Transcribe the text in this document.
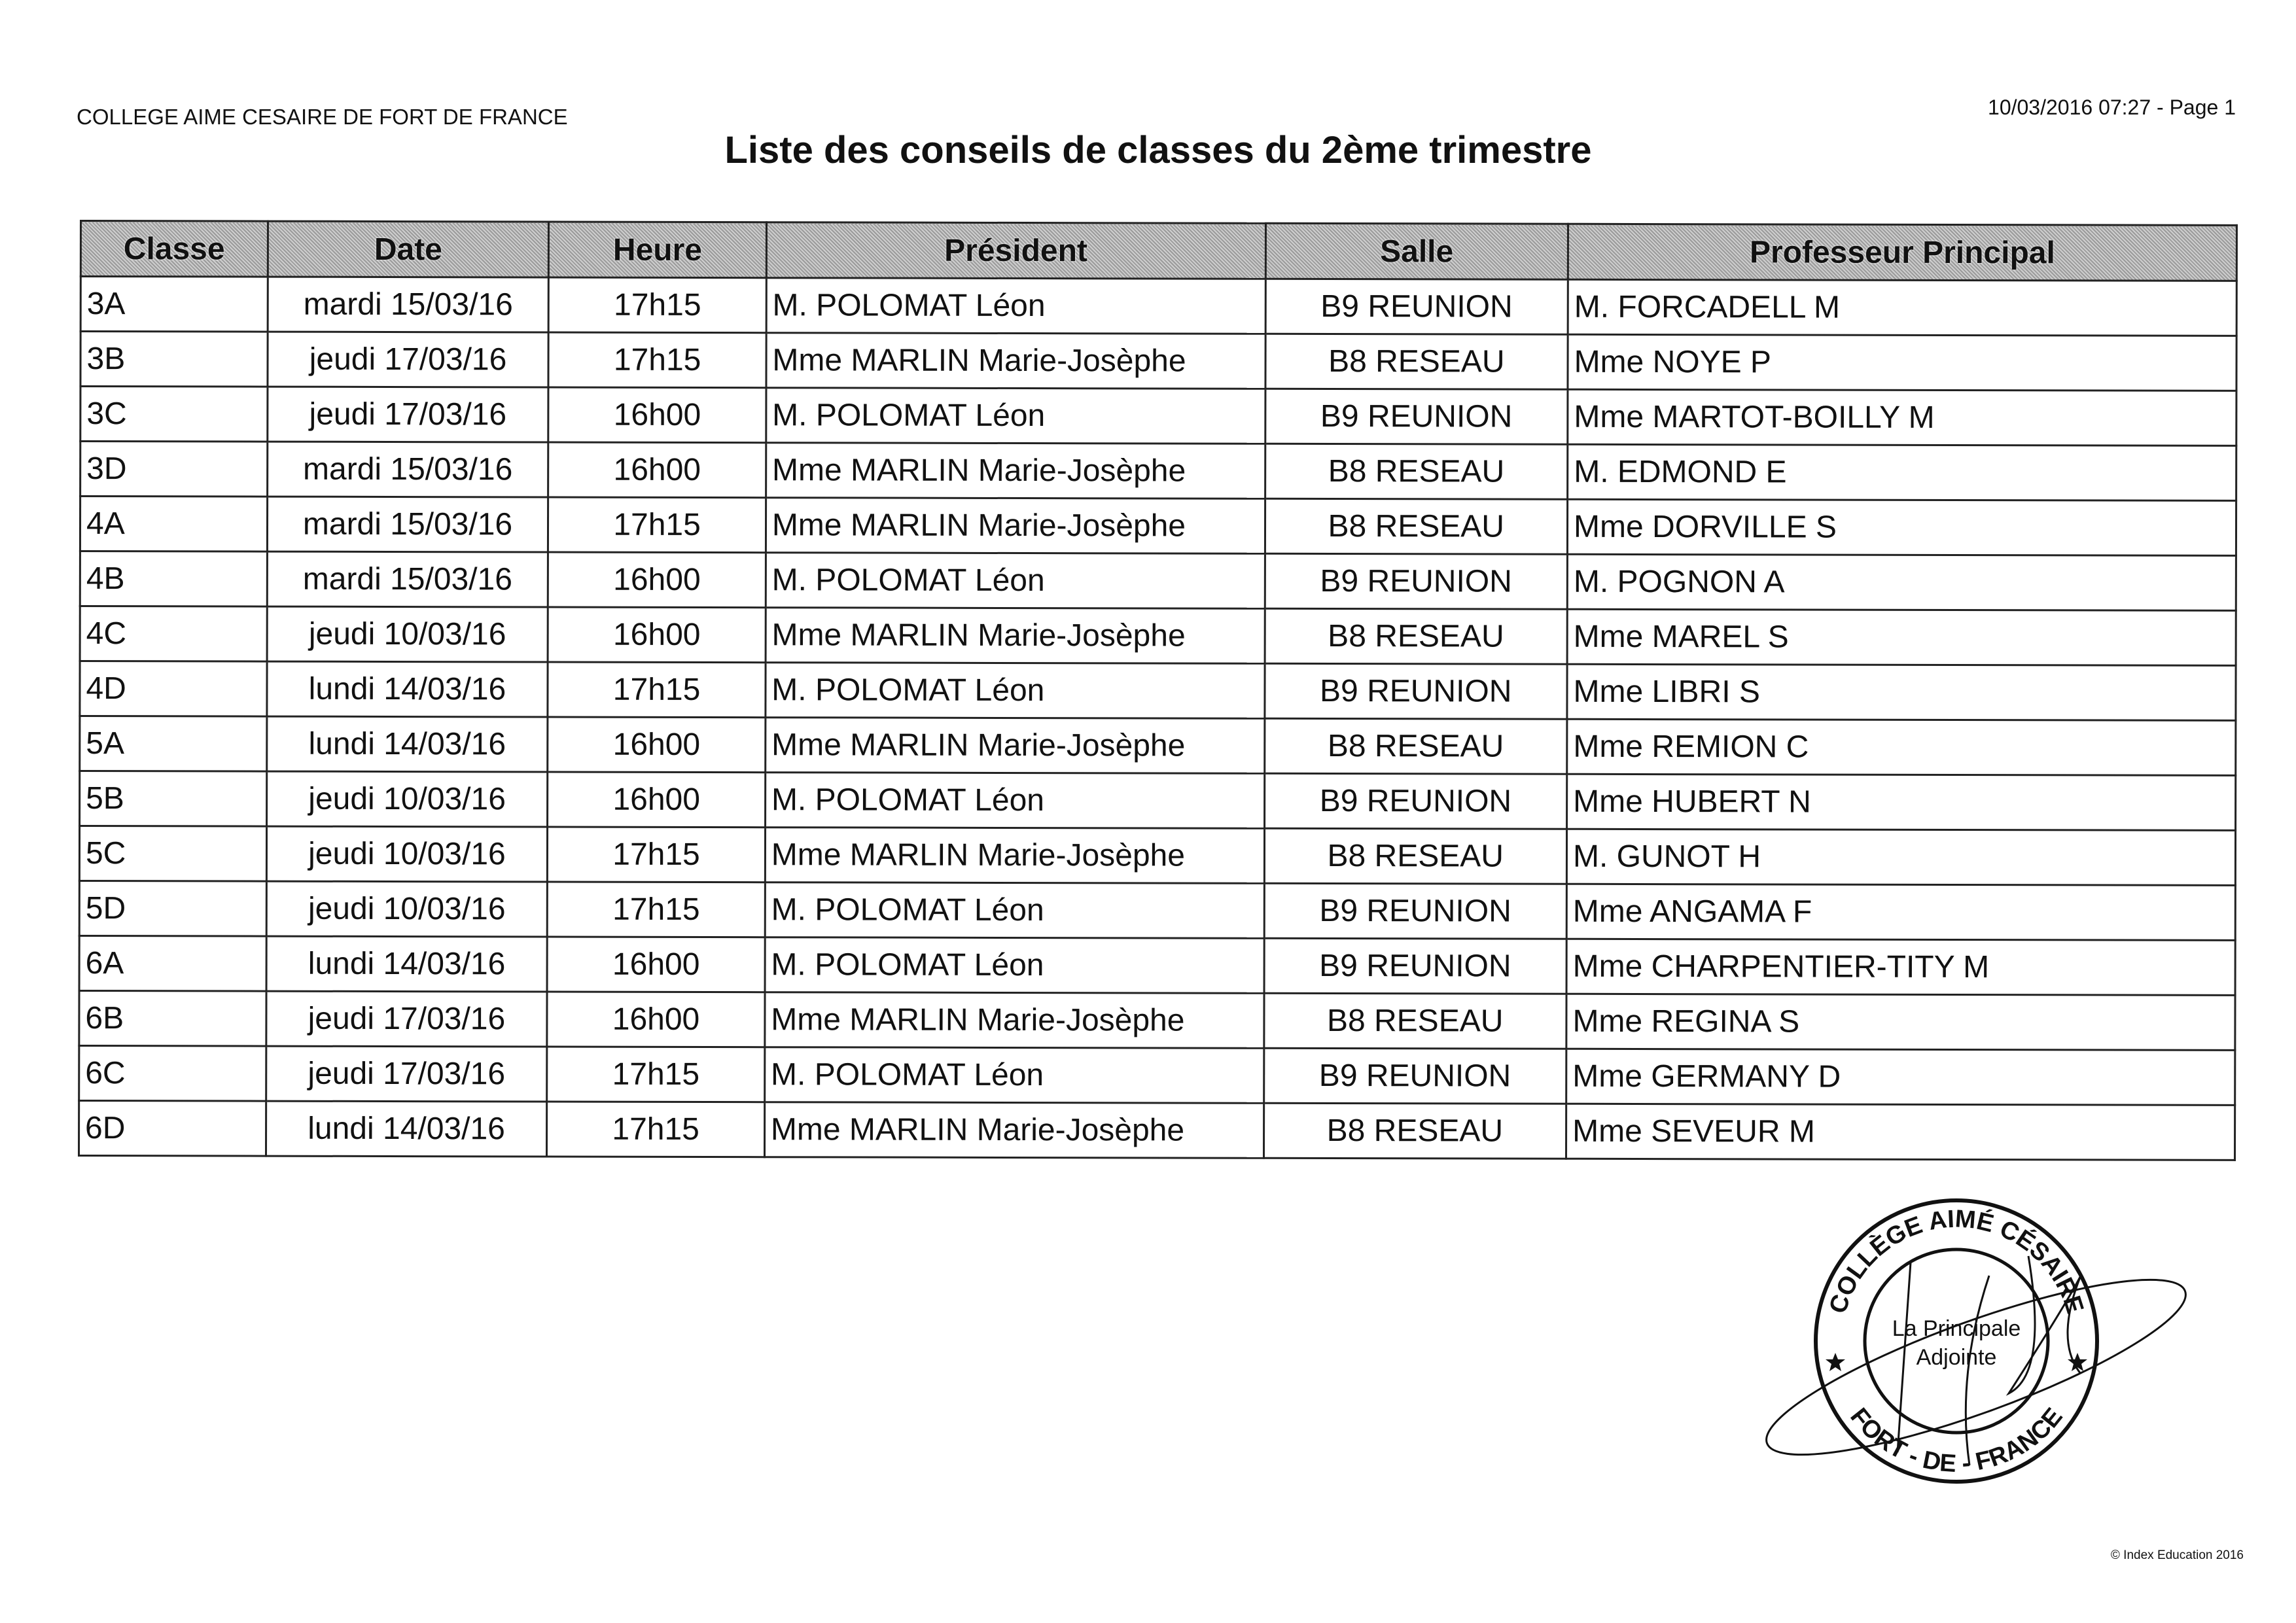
COLLEGE AIME CESAIRE DE FORT DE FRANCE	10/03/2016 07:27 - Page 1
Liste des conseils de classes du 2ème trimestre
Classe	Date	Heure	Président	Salle	Professeur Principal
3A	mardi 15/03/16	17h15	M. POLOMAT Léon	B9 REUNION	M. FORCADELL M
3B	jeudi 17/03/16	17h15	Mme MARLIN Marie-Josèphe	B8 RESEAU	Mme NOYE P
3C	jeudi 17/03/16	16h00	M. POLOMAT Léon	B9 REUNION	Mme MARTOT-BOILLY M
3D	mardi 15/03/16	16h00	Mme MARLIN Marie-Josèphe	B8 RESEAU	M. EDMOND E
4A	mardi 15/03/16	17h15	Mme MARLIN Marie-Josèphe	B8 RESEAU	Mme DORVILLE S
4B	mardi 15/03/16	16h00	M. POLOMAT Léon	B9 REUNION	M. POGNON A
4C	jeudi 10/03/16	16h00	Mme MARLIN Marie-Josèphe	B8 RESEAU	Mme MAREL S
4D	lundi 14/03/16	17h15	M. POLOMAT Léon	B9 REUNION	Mme LIBRI S
5A	lundi 14/03/16	16h00	Mme MARLIN Marie-Josèphe	B8 RESEAU	Mme REMION C
5B	jeudi 10/03/16	16h00	M. POLOMAT Léon	B9 REUNION	Mme HUBERT N
5C	jeudi 10/03/16	17h15	Mme MARLIN Marie-Josèphe	B8 RESEAU	M. GUNOT H
5D	jeudi 10/03/16	17h15	M. POLOMAT Léon	B9 REUNION	Mme ANGAMA F
6A	lundi 14/03/16	16h00	M. POLOMAT Léon	B9 REUNION	Mme CHARPENTIER-TITY M
6B	jeudi 17/03/16	16h00	Mme MARLIN Marie-Josèphe	B8 RESEAU	Mme REGINA S
6C	jeudi 17/03/16	17h15	M. POLOMAT Léon	B9 REUNION	Mme GERMANY D
6D	lundi 14/03/16	17h15	Mme MARLIN Marie-Josèphe	B8 RESEAU	Mme SEVEUR M
COLLÈGE AIMÉ CÉSAIRE
FORT - DE - FRANCE
La Principale
Adjointe
© Index Education 2016
